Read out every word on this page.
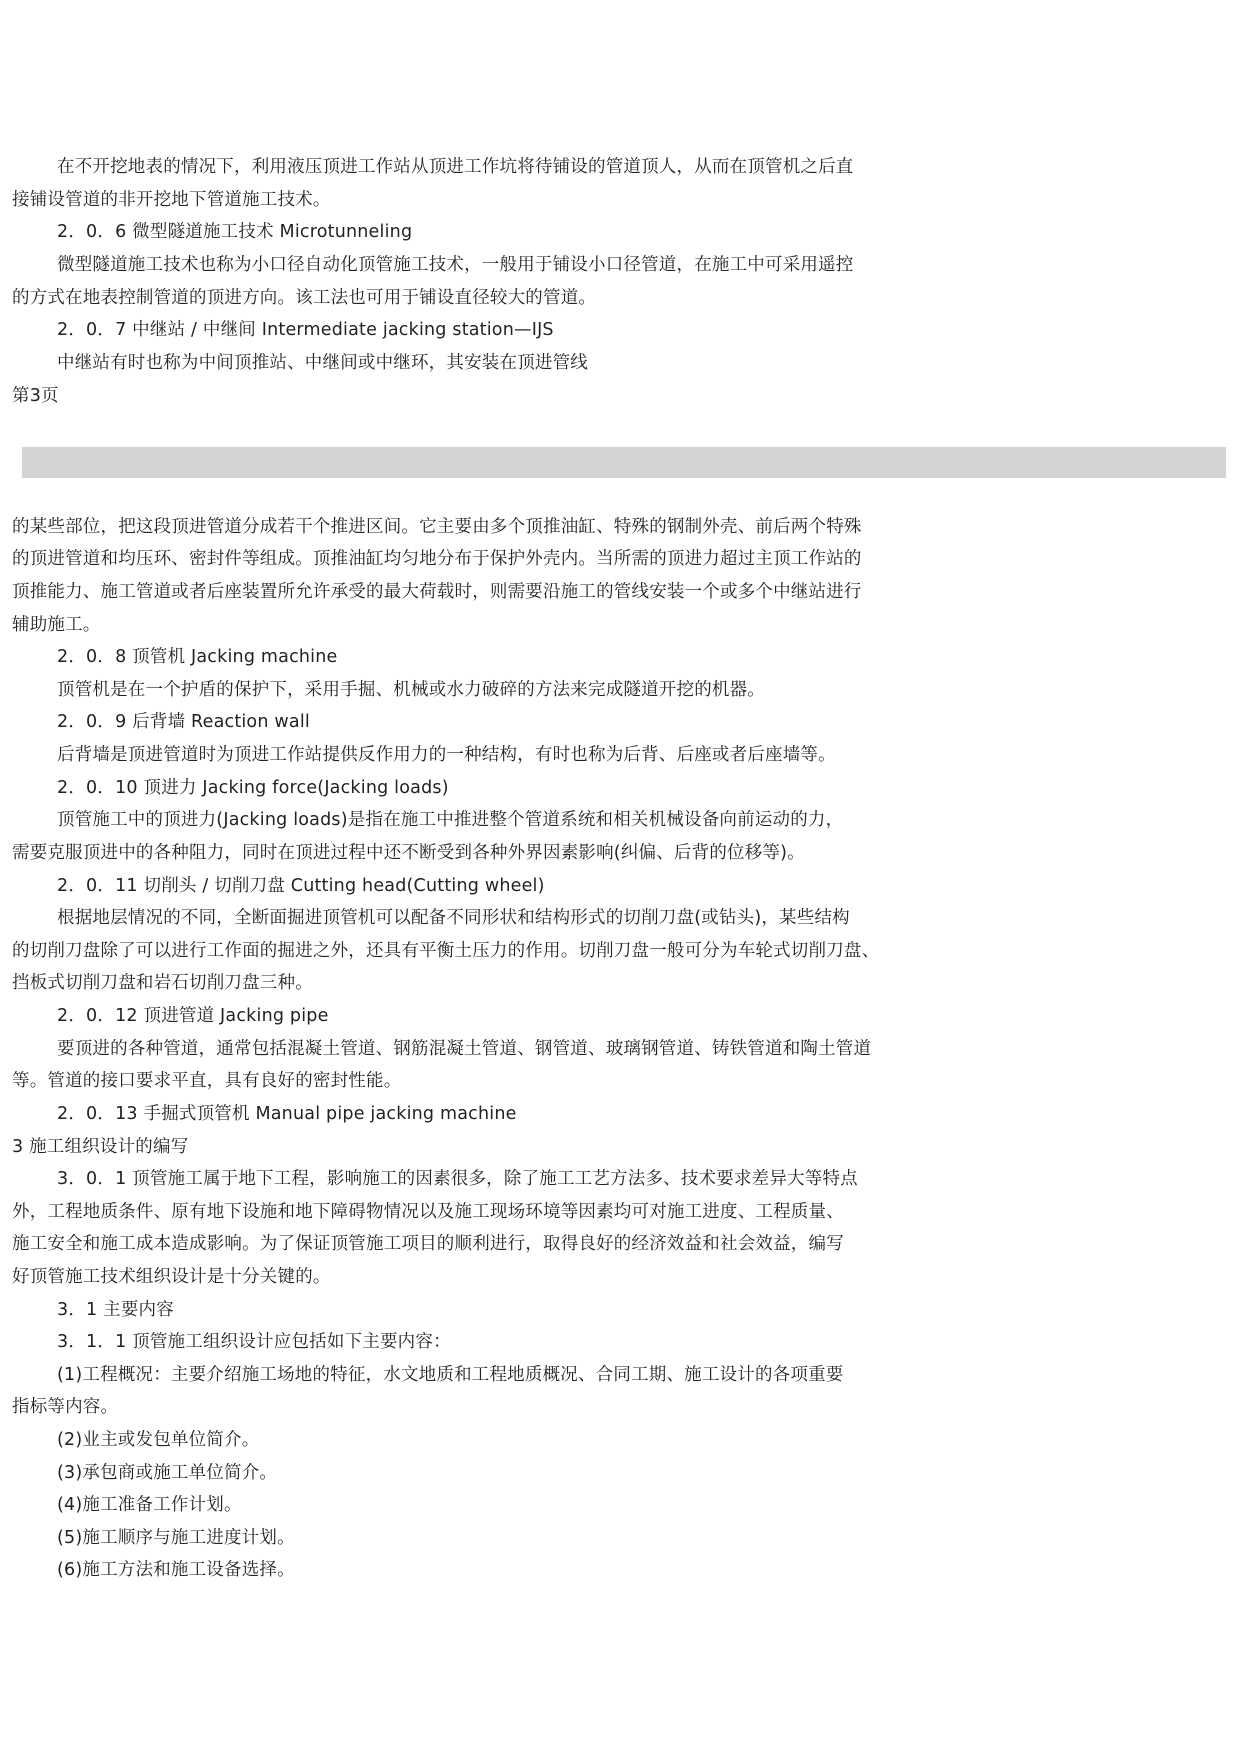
在不开挖地表的情况下，利用液压顶进工作站从顶进工作坑将待铺设的管道顶人，从而在顶管机之后直
接铺设管道的非开挖地下管道施工技术。
2．0．6 微型隧道施工技术 Microtunneling
微型隧道施工技术也称为小口径自动化顶管施工技术，一般用于铺设小口径管道，在施工中可采用遥控
的方式在地表控制管道的顶进方向。该工法也可用于铺设直径较大的管道。
2．0．7 中继站 / 中继间 Intermediate jacking station—IJS
中继站有时也称为中间顶推站、中继间或中继环，其安装在顶进管线
第3页
的某些部位，把这段顶进管道分成若干个推进区间。它主要由多个顶推油缸、特殊的钢制外壳、前后两个特殊
的顶进管道和均压环、密封件等组成。顶推油缸均匀地分布于保护外壳内。当所需的顶进力超过主顶工作站的
顶推能力、施工管道或者后座装置所允许承受的最大荷载时，则需要沿施工的管线安装一个或多个中继站进行
辅助施工。
2．0．8 顶管机 Jacking machine
顶管机是在一个护盾的保护下，采用手掘、机械或水力破碎的方法来完成隧道开挖的机器。
2．0．9 后背墙 Reaction wall
后背墙是顶进管道时为顶进工作站提供反作用力的一种结构，有时也称为后背、后座或者后座墙等。
2．0．10 顶进力 Jacking force(Jacking loads)
顶管施工中的顶进力(Jacking loads)是指在施工中推进整个管道系统和相关机械设备向前运动的力，
需要克服顶进中的各种阻力，同时在顶进过程中还不断受到各种外界因素影响(纠偏、后背的位移等)。
2．0．11 切削头 / 切削刀盘 Cutting head(Cutting wheel)
根据地层情况的不同，全断面掘进顶管机可以配备不同形状和结构形式的切削刀盘(或钻头)，某些结构
的切削刀盘除了可以进行工作面的掘进之外，还具有平衡土压力的作用。切削刀盘一般可分为车轮式切削刀盘、
挡板式切削刀盘和岩石切削刀盘三种。
2．0．12 顶进管道 Jacking pipe
要顶进的各种管道，通常包括混凝土管道、钢筋混凝土管道、钢管道、玻璃钢管道、铸铁管道和陶土管道
等。管道的接口要求平直，具有良好的密封性能。
2．0．13 手掘式顶管机 Manual pipe jacking machine
3 施工组织设计的编写
3．0．1 顶管施工属于地下工程，影响施工的因素很多，除了施工工艺方法多、技术要求差异大等特点
外，工程地质条件、原有地下设施和地下障碍物情况以及施工现场环境等因素均可对施工进度、工程质量、
施工安全和施工成本造成影响。为了保证顶管施工项目的顺利进行，取得良好的经济效益和社会效益，编写
好顶管施工技术组织设计是十分关键的。
3．1 主要内容
3．1．1 顶管施工组织设计应包括如下主要内容：
(1)工程概况：主要介绍施工场地的特征，水文地质和工程地质概况、合同工期、施工设计的各项重要
指标等内容。
(2)业主或发包单位简介。
(3)承包商或施工单位简介。
(4)施工准备工作计划。
(5)施工顺序与施工进度计划。
(6)施工方法和施工设备选择。
